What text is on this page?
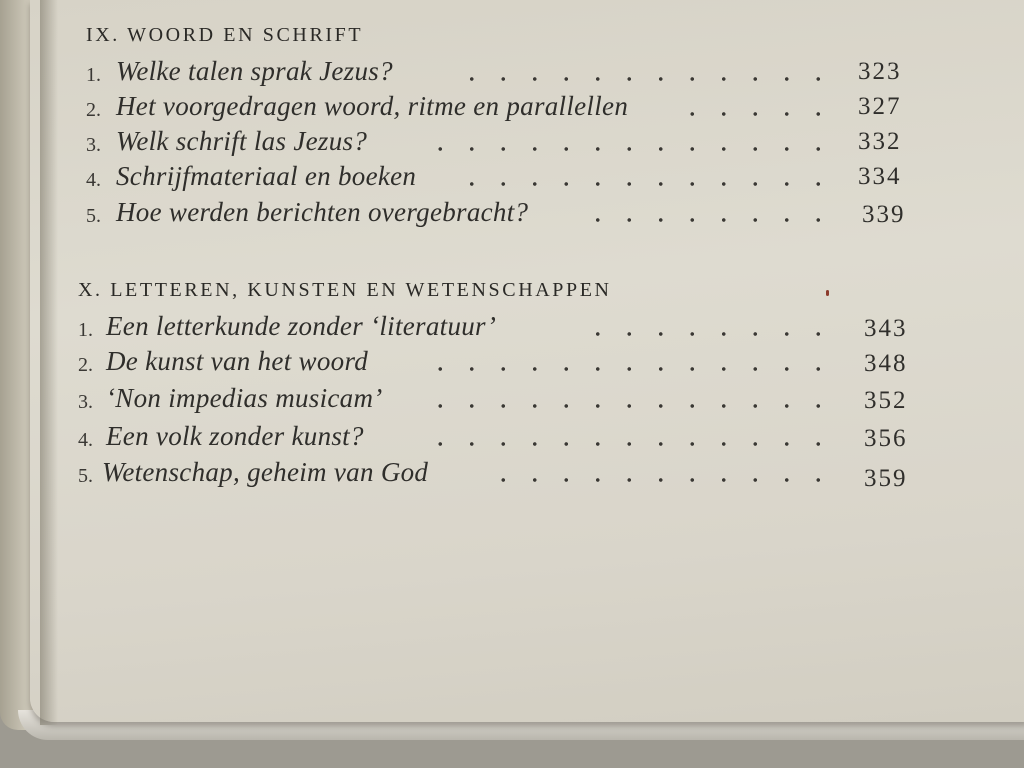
IX. WOORD EN SCHRIFT
1. Welke talen sprak Jezus?	323
2. Het voorgedragen woord, ritme en parallellen	327
3. Welk schrift las Jezus?	332
4. Schrijfmateriaal en boeken	334
5. Hoe werden berichten overgebracht?	339
X. LETTEREN, KUNSTEN EN WETENSCHAPPEN
1. Een letterkunde zonder ‘literatuur’	343
2. De kunst van het woord	348
3. ‘Non impedias musicam’	352
4. Een volk zonder kunst?	356
5. Wetenschap, geheim van God	359
